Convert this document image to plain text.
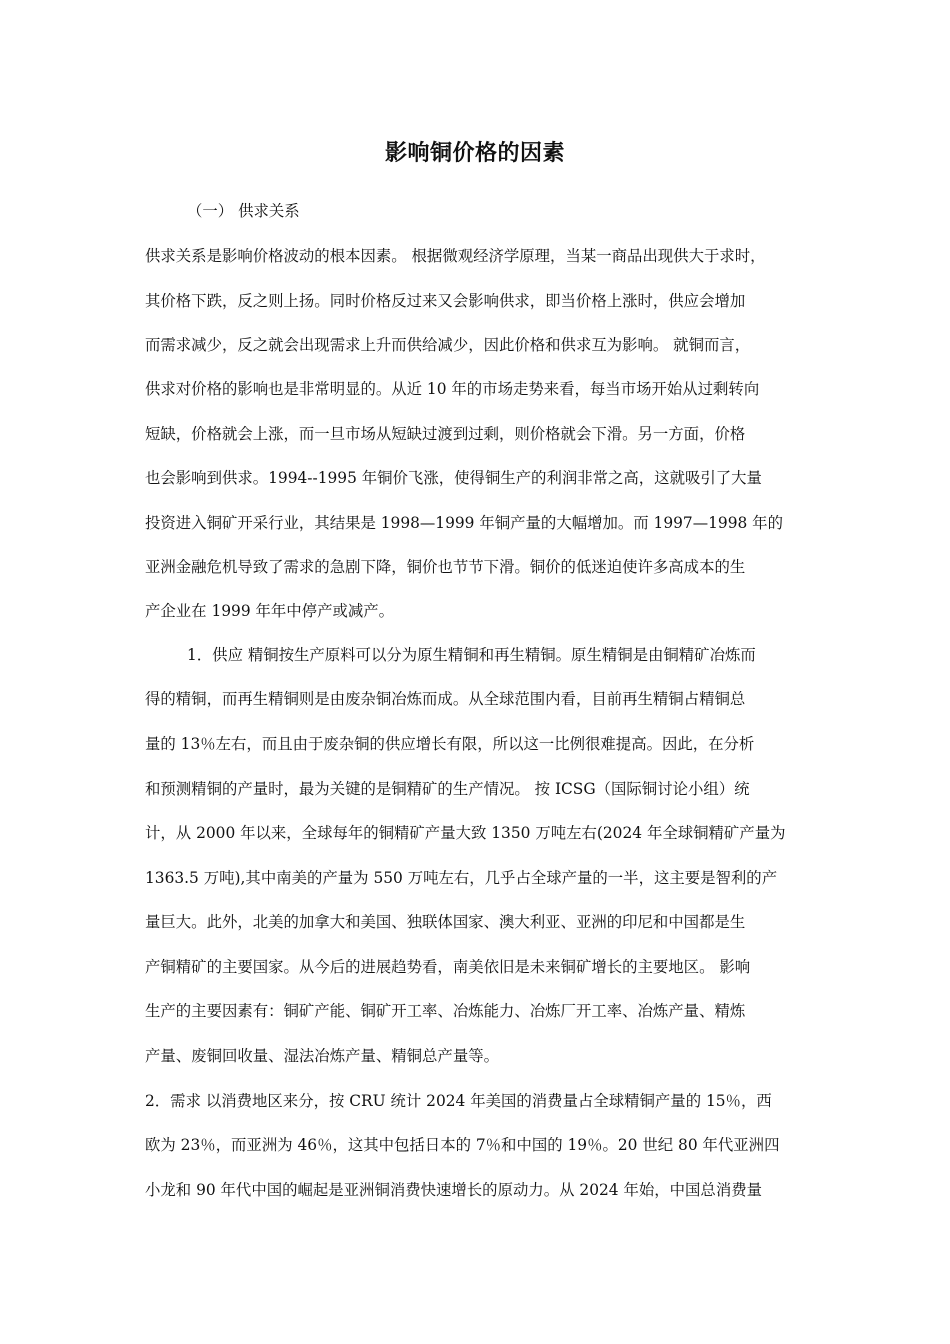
影响铜价格的因素
（一） 供求关系
供求关系是影响价格波动的根本因素。 根据微观经济学原理，当某一商品出现供大于求时，
其价格下跌，反之则上扬。同时价格反过来又会影响供求，即当价格上涨时，供应会增加
而需求减少，反之就会出现需求上升而供给减少，因此价格和供求互为影响。 就铜而言，
供求对价格的影响也是非常明显的。从近 10 年的市场走势来看，每当市场开始从过剩转向
短缺，价格就会上涨，而一旦市场从短缺过渡到过剩，则价格就会下滑。另一方面，价格
也会影响到供求。1994--1995 年铜价飞涨，使得铜生产的利润非常之高，这就吸引了大量
投资进入铜矿开采行业，其结果是 1998—1999 年铜产量的大幅增加。而 1997—1998 年的
亚洲金融危机导致了需求的急剧下降，铜价也节节下滑。铜价的低迷迫使许多高成本的生
产企业在 1999 年年中停产或减产。
1．供应 精铜按生产原料可以分为原生精铜和再生精铜。原生精铜是由铜精矿冶炼而
得的精铜，而再生精铜则是由废杂铜冶炼而成。从全球范围内看，目前再生精铜占精铜总
量的 13％左右，而且由于废杂铜的供应增长有限，所以这一比例很难提高。因此，在分析
和预测精铜的产量时，最为关键的是铜精矿的生产情况。 按 ICSG（国际铜讨论小组）统
计，从 2000 年以来，全球每年的铜精矿产量大致 1350 万吨左右(2024 年全球铜精矿产量为
1363.5 万吨),其中南美的产量为 550 万吨左右，几乎占全球产量的一半，这主要是智利的产
量巨大。此外，北美的加拿大和美国、独联体国家、澳大利亚、亚洲的印尼和中国都是生
产铜精矿的主要国家。从今后的进展趋势看，南美依旧是未来铜矿增长的主要地区。 影响
生产的主要因素有：铜矿产能、铜矿开工率、冶炼能力、冶炼厂开工率、冶炼产量、精炼
产量、废铜回收量、湿法冶炼产量、精铜总产量等。
2．需求 以消费地区来分，按 CRU 统计 2024 年美国的消费量占全球精铜产量的 15％，西
欧为 23％，而亚洲为 46％，这其中包括日本的 7％和中国的 19％。20 世纪 80 年代亚洲四
小龙和 90 年代中国的崛起是亚洲铜消费快速增长的原动力。从 2024 年始，中国总消费量
